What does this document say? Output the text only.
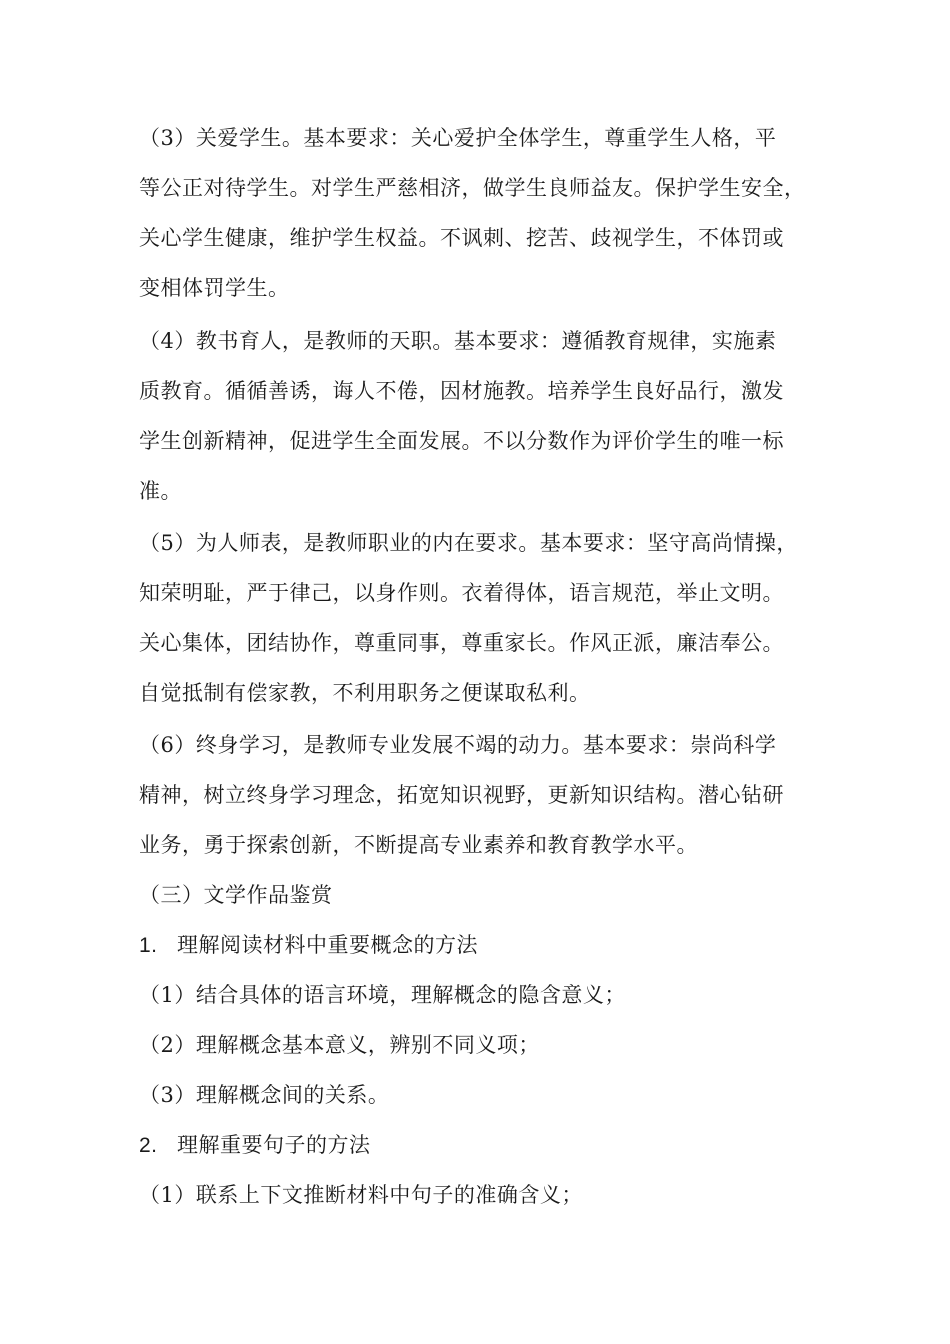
（3）关爱学生。基本要求：关心爱护全体学生，尊重学生人格，平
等公正对待学生。对学生严慈相济，做学生良师益友。保护学生安全，
关心学生健康，维护学生权益。不讽刺、挖苦、歧视学生，不体罚或
变相体罚学生。
（4）教书育人，是教师的天职。基本要求：遵循教育规律，实施素
质教育。循循善诱，诲人不倦，因材施教。培养学生良好品行，激发
学生创新精神，促进学生全面发展。不以分数作为评价学生的唯一标
准。
（5）为人师表，是教师职业的内在要求。基本要求：坚守高尚情操，
知荣明耻，严于律己，以身作则。衣着得体，语言规范，举止文明。
关心集体，团结协作，尊重同事，尊重家长。作风正派，廉洁奉公。
自觉抵制有偿家教，不利用职务之便谋取私利。
（6）终身学习，是教师专业发展不竭的动力。基本要求：崇尚科学
精神，树立终身学习理念，拓宽知识视野，更新知识结构。潜心钻研
业务，勇于探索创新，不断提高专业素养和教育教学水平。
（三）文学作品鉴赏
1. 理解阅读材料中重要概念的方法
（1）结合具体的语言环境，理解概念的隐含意义；
（2）理解概念基本意义，辨别不同义项；
（3）理解概念间的关系。
2. 理解重要句子的方法
（1）联系上下文推断材料中句子的准确含义；
